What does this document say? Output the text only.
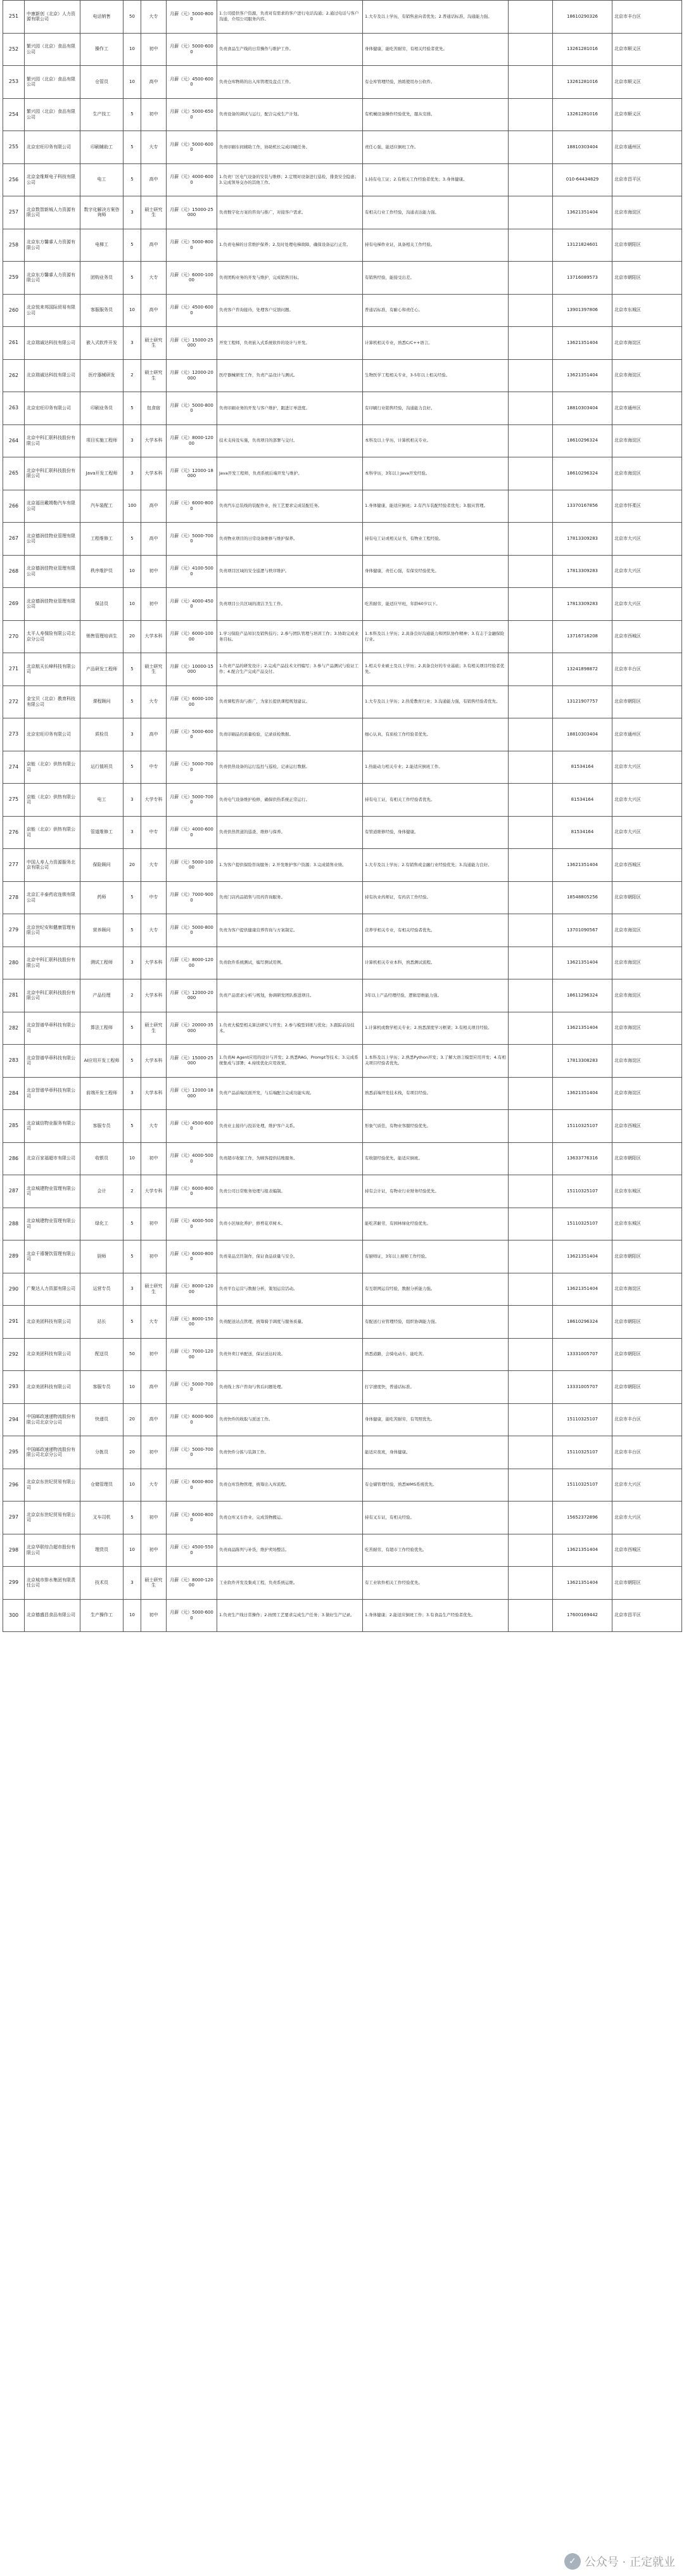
251	中康新创（北京）人力资源有限公司	电话销售	50	大专	月薪（元）5000-8000	1.公司提供客户资源，负责对有需求的客户进行电话沟通；2.通过电话与客户沟通，介绍公司服务内容。	1.大专及以上学历，有销售意向者优先；2.普通话标准，沟通能力强。		18610290326	北京市丰台区
252	繁兴园（北京）食品有限公司	操作工	10	初中	月薪（元）5000-6000	负责食品生产线的日常操作与维护工作。	身体健康，能吃苦耐劳，有相关经验者优先。		13261281016	北京市顺义区
253	繁兴园（北京）食品有限公司	仓管员	10	高中	月薪（元）4500-6000	负责仓库物料的出入库管理及盘点工作。	有仓库管理经验，熟练使用办公软件。		13261281016	北京市顺义区
254	繁兴园（北京）食品有限公司	生产技工	5	初中	月薪（元）5000-6500	负责设备的调试与运行，配合完成生产计划。	有机械设备操作经验优先，服从安排。		13261281016	北京市顺义区
255	北京宏旺印务有限公司	印刷辅助工	5	大专	月薪（元）5000-6000	负责印刷车间辅助工作，协助机长完成印刷任务。	责任心强，能适应倒班工作。		18810303404	北京市通州区
256	北京金维斯电子科技有限公司	电工	5	高中	月薪（元）4000-6000	1.负责厂区电气设备的安装与维修；2.定期对设备进行巡检，排查安全隐患；3.完成领导交办的其他工作。	1.持有电工证；2.有相关工作经验者优先；3.身体健康。		010-64434829	北京市昌平区
257	北京数智新城人力资源有限公司	数字化解决方案咨询师	3	硕士研究生	月薪（元）15000-25000	负责数字化方案的咨询与推广，对接客户需求。	有相关行业工作经验，沟通表达能力强。		13621351404	北京市海淀区
258	北京东方馨睿人力资源有限公司	电梯工	5	高中	月薪（元）5000-8000	1.负责电梯的日常维护保养；2.及时处理电梯故障，确保设备运行正常。	持有电梯作业证，具备相关工作经验。		13121824601	北京市朝阳区
259	北京东方馨睿人力资源有限公司	团购业务员	5	大专	月薪（元）6000-10000	负责团购业务的开发与维护，完成销售目标。	有销售经验，能接受出差。		13716089573	北京市朝阳区
260	北京悦来邦国际贸易有限公司	客服服务员	10	高中	月薪（元）4500-6000	负责客户咨询接待，处理客户反馈问题。	普通话标准，有耐心和责任心。		13901397806	北京市东城区
261	北京瑞诚达科技有限公司	嵌入式软件开发	3	硕士研究生	月薪（元）15000-25000	开发工程师，负责嵌入式系统软件的设计与开发。	计算机相关专业，熟悉C/C++语言。		13621351404	北京市海淀区
262	北京瑞诚达科技有限公司	医疗器械研发	2	硕士研究生	月薪（元）12000-20000	医疗器械研发工作，负责产品设计与测试。	生物医学工程相关专业，3-5年以上相关经验。		13621351404	北京市海淀区
263	北京宏旺印务有限公司	印刷业务员	5	包食宿	月薪（元）5000-8000	负责印刷业务的开发与客户维护，跟进订单进度。	有印刷行业销售经验，沟通能力良好。		18810303404	北京市通州区
264	北京中科汇联科技股份有限公司	项目实施工程师	3	大学本科	月薪（元）8000-12000	技术支持及实施，负责项目的部署与交付。	本科及以上学历，计算机相关专业。		18610296324	北京市海淀区
265	北京中科汇联科技股份有限公司	Java开发工程师	3	大学本科	月薪（元）12000-18000	Java开发工程师，负责系统后端开发与维护。	本科学历，3年以上Java开发经验。		18610296324	北京市海淀区
266	北京福田戴姆勒汽车有限公司	汽车装配工	100	高中	月薪（元）6000-8000	负责汽车总装线的装配作业，按工艺要求完成装配任务。	1.身体健康，能适应倒班；2.有汽车装配经验者优先；3.服从管理。		13370167856	北京市怀柔区
267	北京德润佳物业管理有限公司	工程维修工	5	高中	月薪（元）5000-7000	负责物业项目的日常设备维修与维护保养。	持有电工证或相关证书，有物业工程经验。		17813309283	北京市大兴区
268	北京德润佳物业管理有限公司	秩序维护员	10	初中	月薪（元）4100-5000	负责项目区域的安全巡逻与秩序维护。	身体健康，责任心强，有保安经验优先。		17813309283	北京市大兴区
269	北京德润佳物业管理有限公司	保洁员	10	初中	月薪（元）4000-4500	负责项目公共区域的清洁卫生工作。	吃苦耐劳，能适应早班，年龄60岁以下。		17813309283	北京市大兴区
270	太平人寿保险有限公司北京分公司	销售管理培训生	20	大学本科	月薪（元）6000-10000	1.学习保险产品知识及销售技巧；2.参与团队管理与培训工作；3.协助完成业务目标。	1.本科及以上学历；2.具备良好沟通能力和团队协作精神；3.有志于金融保险行业。		13716716208	北京市西城区
271	北京航天长峰科技有限公司	产品研发工程师	5	硕士研究生	月薪（元）10000-15000	1.负责产品的研发设计；2.完成产品技术文档编写；3.参与产品测试与验证工作；4.配合生产完成产品交付。	1.相关专业硕士及以上学历；2.具备良好的专业基础；3.有相关项目经验者优先。		13241898872	北京市丰台区
272	金宝贝（北京）教育科技有限公司	课程顾问	5	大专	月薪（元）6000-10000	负责课程咨询与推广，为家长提供课程规划建议。	1.大专及以上学历；2.热爱教育行业；3.沟通能力强，有销售经验者优先。		13121907757	北京市朝阳区
273	北京宏旺印务有限公司	质检员	3	高中	月薪（元）5000-6000	负责印刷品的质量检验，记录质检数据。	细心认真，有质检工作经验者优先。		18810303404	北京市通州区
274	京能（北京）供热有限公司	运行值班员	5	中专	月薪（元）5000-7000	负责供热设备的运行监控与巡检，记录运行数据。	1.热能动力相关专业；2.能适应倒班工作。		81534164	北京市大兴区
275	京能（北京）供热有限公司	电工	3	大学专科	月薪（元）5000-7000	负责电气设备维护检修，确保供热系统正常运行。	持有电工证，有相关工作经验者优先。		81534164	北京市大兴区
276	京能（北京）供热有限公司	管道维修工	3	中专	月薪（元）4000-6000	负责供热管道的巡查、维修与保养。	有管道维修经验，身体健康。		81534164	北京市大兴区
277	中国人寿人力资源服务北京有限公司	保险顾问	20	大专	月薪（元）5000-10000	1.为客户提供保险咨询服务；2.开发维护客户资源；3.完成销售业绩。	1.大专及以上学历；2.有销售或金融行业经验优先；3.沟通能力良好。		13621351404	北京市西城区
278	北京汇丰泰药店连锁有限公司	药师	5	中专	月薪（元）7000-9000	负责门店药品销售与用药咨询服务。	持有执业药师证，有药店工作经验。		18548805256	北京市朝阳区
279	北京世纪安和健康管理有限公司	营养顾问	5	大专	月薪（元）5000-8000	负责为客户提供健康营养咨询与方案制定。	营养学相关专业，有相关经验者优先。		13701090567	北京市海淀区
280	北京中科汇联科技股份有限公司	测试工程师	3	大学本科	月薪（元）8000-12000	负责软件系统测试，编写测试用例。	计算机相关专业本科，熟悉测试流程。		13621351404	北京市海淀区
281	北京中科汇联科技股份有限公司	产品经理	2	大学本科	月薪（元）12000-20000	负责产品需求分析与规划，协调研发团队推进项目。	3年以上产品经理经验，逻辑思维能力强。		18611296324	北京市海淀区
282	北京智谱华章科技有限公司	算法工程师	5	硕士研究生	月薪（元）20000-35000	1.负责大模型相关算法研究与开发；2.参与模型训练与优化；3.跟踪前沿技术。	1.计算机或数学相关专业；2.熟悉深度学习框架；3.有相关项目经验。		13621351404	北京市海淀区
283	北京智谱华章科技有限公司	AI应用开发工程师	5	大学本科	月薪（元）15000-25000	1.负责AI Agent应用的设计与开发；2.熟悉RAG、Prompt等技术；3.完成系统集成与部署；4.持续优化应用效果。	1.本科及以上学历；2.熟悉Python开发；3.了解大语言模型应用开发；4.有相关项目经验者优先。		17813308283	北京市海淀区
284	北京智谱华章科技有限公司	前端开发工程师	3	大学本科	月薪（元）12000-18000	负责产品前端页面开发，与后端配合完成功能实现。	熟悉前端开发技术栈，有项目经验。		13621351404	北京市海淀区
285	北京诚信物业服务有限公司	客服专员	5	大专	月薪（元）4500-6000	负责业主接待与投诉处理，维护客户关系。	形象气质佳，有物业客服经验优先。		15110325107	北京市西城区
286	北京百家福超市有限公司	收银员	10	初中	月薪（元）4000-5000	负责超市收银工作，为顾客提供结账服务。	有收银经验优先，能适应倒班。		13633776316	北京市朝阳区
287	北京城建物业管理有限公司	会计	2	大学专科	月薪（元）6000-8000	负责公司日常账务处理与报表编制。	持有会计证，有物业行业财务经验优先。		15110325107	北京市东城区
288	北京城建物业管理有限公司	绿化工	5	初中	月薪（元）4000-5000	负责小区绿化养护，修剪花草树木。	能吃苦耐劳，有园林绿化经验优先。		15110325107	北京市东城区
289	北京千禧餐饮管理有限公司	厨师	5	初中	月薪（元）6000-8000	负责菜品烹饪制作，保证食品质量与安全。	有厨师证，3年以上厨师工作经验。		13621351404	北京市朝阳区
290	广聚达人力资源有限公司	运营专员	3	硕士研究生	月薪（元）8000-12000	负责平台运营与数据分析，策划运营活动。	有互联网运营经验，数据分析能力强。		13621351404	北京市海淀区
291	北京美团科技有限公司	站长	5	大专	月薪（元）8000-15000	负责配送站点管理，统筹骑手调度与服务质量。	有配送行业管理经验，组织协调能力强。		18610296324	北京市朝阳区
292	北京美团科技有限公司	配送员	50	初中	月薪（元）7000-12000	负责外卖订单配送，保证送达时效。	熟悉道路，会骑电动车，能吃苦。		13331005707	北京市朝阳区
293	北京美团科技有限公司	客服专员	10	高中	月薪（元）5000-7000	负责线上客户咨询与售后问题处理。	打字速度快，普通话标准。		13331005707	北京市朝阳区
294	中国邮政速递物流股份有限公司北京分公司	快递员	20	高中	月薪（元）6000-9000	负责快件的收取与派送工作。	身体健康，能吃苦耐劳，有驾照优先。		15110325107	北京市丰台区
295	中国邮政速递物流股份有限公司北京分公司	分拣员	20	初中	月薪（元）5000-7000	负责快件分拣与装卸工作。	能适应夜班，身体健康。		15110325107	北京市丰台区
296	北京京东世纪贸易有限公司	仓储管理员	10	大专	月薪（元）6000-8000	负责仓库货物管理，统筹出入库流程。	有仓储管理经验，熟悉WMS系统优先。		15110325107	北京市大兴区
297	北京京东世纪贸易有限公司	叉车司机	5	初中	月薪（元）6000-8000	负责仓库叉车作业，完成货物搬运。	持有叉车证，有相关经验。		15652372896	北京市大兴区
298	北京华联综合超市股份有限公司	理货员	10	初中	月薪（元）4500-5500	负责商品陈列与补货，维护卖场整洁。	吃苦耐劳，有超市工作经验优先。		13621351404	北京市西城区
299	北京城市排水集团有限责任公司	技术员	3	硕士研究生	月薪（元）8000-12000	工业软件开发及集成工程，负责系统运维。	有工业软件相关工作经验优先。		13621351404	北京市朝阳区
300	北京德盛昌食品有限公司	生产操作工	10	初中	月薪（元）5000-6000	1.负责生产线日常操作；2.按照工艺要求完成生产任务；3.做好生产记录。	1.身体健康；2.能适应倒班工作；3.有食品生产经验者优先。		17600169442	北京市昌平区
✓ 公众号 · 正定就业
